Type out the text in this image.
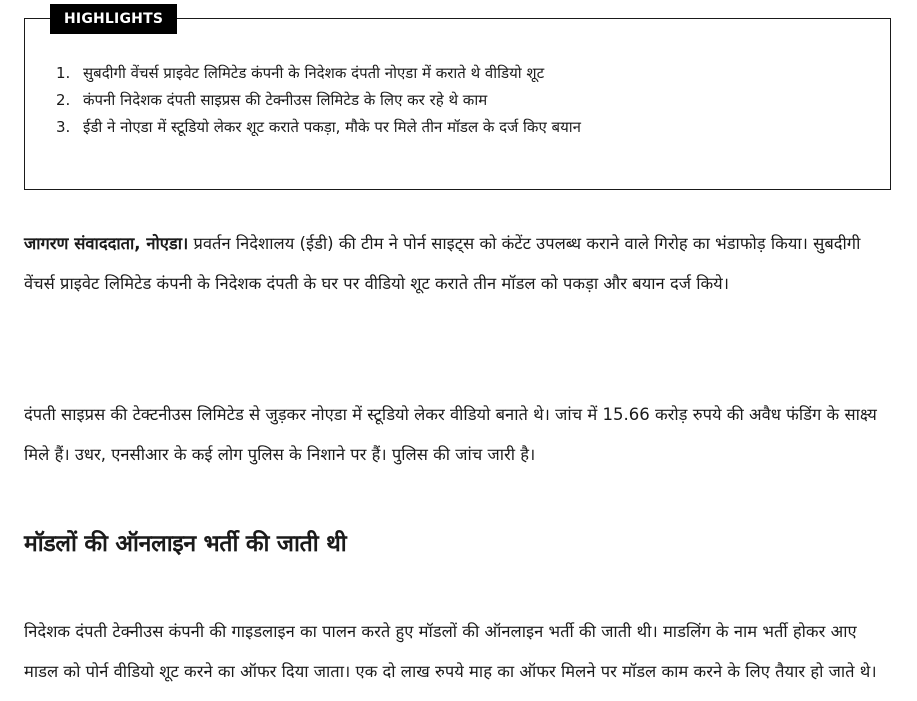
HIGHLIGHTS
1. सुबदीगी वेंचर्स प्राइवेट लिमिटेड कंपनी के निदेशक दंपती नोएडा में कराते थे वीडियो शूट
2. कंपनी निदेशक दंपती साइप्रस की टेक्नीउस लिमिटेड के लिए कर रहे थे काम
3. ईडी ने नोएडा में स्टूडियो लेकर शूट कराते पकड़ा, मौके पर मिले तीन मॉडल के दर्ज किए बयान

जागरण संवाददाता, नोएडा। प्रवर्तन निदेशालय (ईडी) की टीम ने पोर्न साइट्स को कंटेंट उपलब्ध कराने वाले गिरोह का भंडाफोड़ किया। सुबदीगी वेंचर्स प्राइवेट लिमिटेड कंपनी के निदेशक दंपती के घर पर वीडियो शूट कराते तीन मॉडल को पकड़ा और बयान दर्ज किये।

दंपती साइप्रस की टेक्टनीउस लिमिटेड से जुड़कर नोएडा में स्टूडियो लेकर वीडियो बनाते थे। जांच में 15.66 करोड़ रुपये की अवैध फंडिंग के साक्ष्य मिले हैं। उधर, एनसीआर के कई लोग पुलिस के निशाने पर हैं। पुलिस की जांच जारी है।

मॉडलों की ऑनलाइन भर्ती की जाती थी

निदेशक दंपती टेक्नीउस कंपनी की गाइडलाइन का पालन करते हुए मॉडलों की ऑनलाइन भर्ती की जाती थी। माडलिंग के नाम भर्ती होकर आए माडल को पोर्न वीडियो शूट करने का ऑफर दिया जाता। एक दो लाख रुपये माह का ऑफर मिलने पर मॉडल काम करने के लिए तैयार हो जाते थे।
